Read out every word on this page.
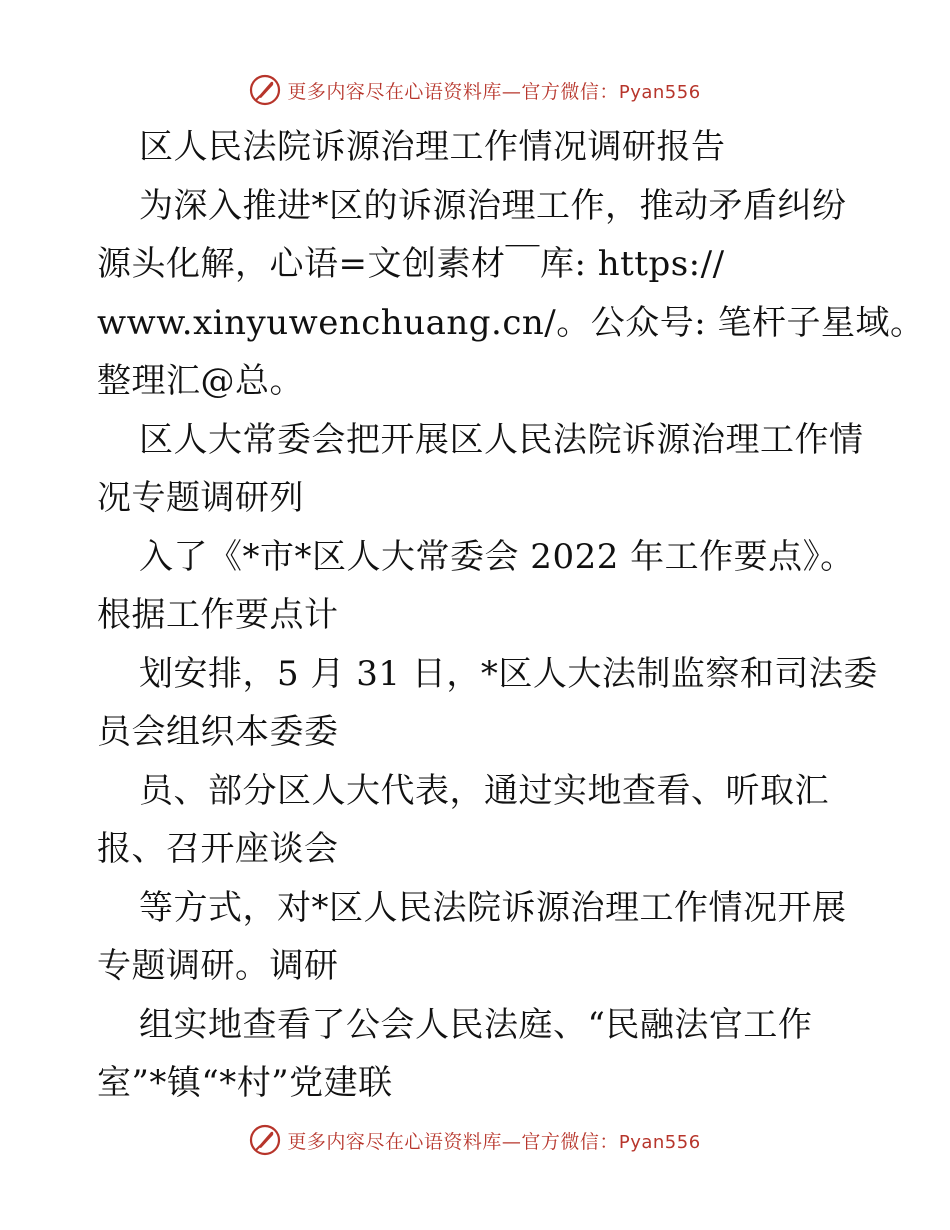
更多内容尽在心语资料库—官方微信：Pyan556
区人民法院诉源治理工作情况调研报告
为深入推进*区的诉源治理工作，推动矛盾纠纷
源头化解，心语=文创素材￣库: https://
www.xinyuwenchuang.cn/。公众号: 笔杆子星域。
整理汇@总。
区人大常委会把开展区人民法院诉源治理工作情
况专题调研列
入了《*市*区人大常委会 2022 年工作要点》。
根据工作要点计
划安排，5 月 31 日，*区人大法制监察和司法委
员会组织本委委
员、部分区人大代表，通过实地查看、听取汇
报、召开座谈会
等方式，对*区人民法院诉源治理工作情况开展
专题调研。调研
组实地查看了公会人民法庭、“民融法官工作
室”*镇“*村”党建联
更多内容尽在心语资料库—官方微信：Pyan556
